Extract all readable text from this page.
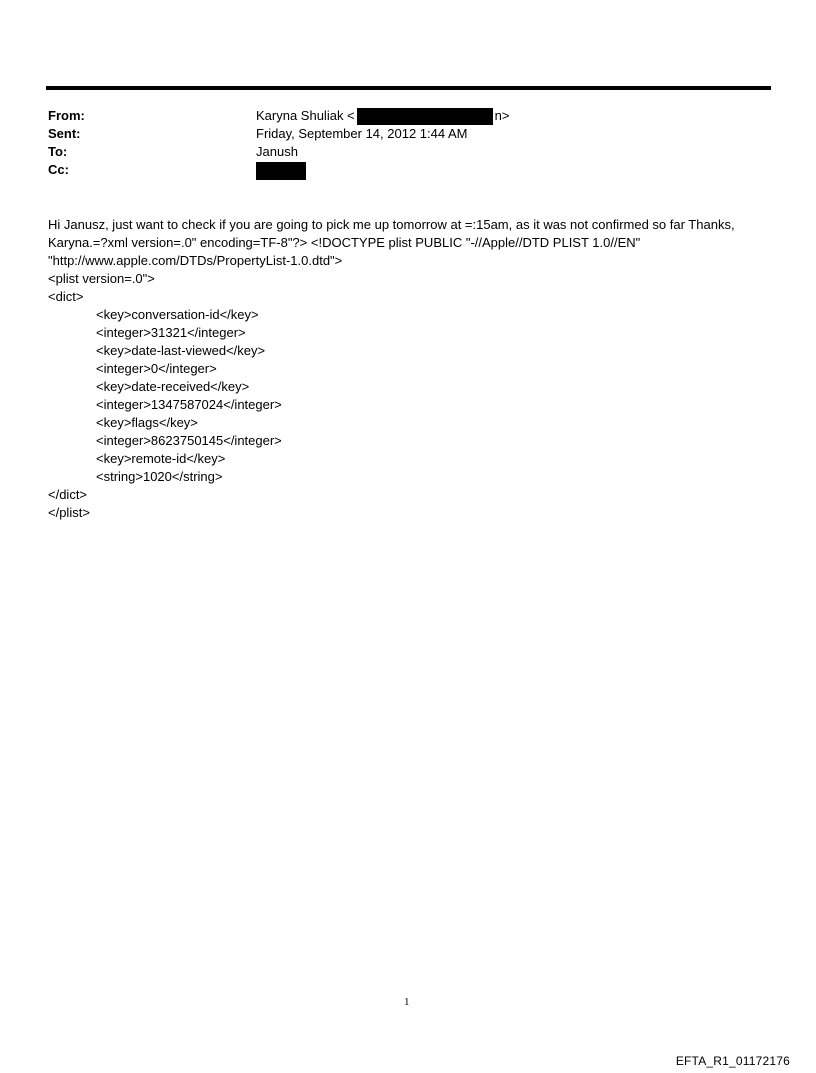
From:	Karyna Shuliak <	n>
Sent:	Friday, September 14, 2012 1:44 AM
To:	Janush
Cc:

Hi Janusz, just want to check if you are going to pick me up tomorrow at =:15am, as it was not confirmed so far Thanks,

Karyna.=?xml version=.0" encoding=TF-8"?> <!DOCTYPE plist PUBLIC "-//Apple//DTD PLIST 1.0//EN"

"http://www.apple.com/DTDs/PropertyList-1.0.dtd">

<plist version=.0">
<dict>
<key>conversation-id</key>
<integer>31321</integer>
<key>date-last-viewed</key>
<integer>0</integer>
<key>date-received</key>
<integer>1347587024</integer>
<key>flags</key>
<integer>8623750145</integer>
<key>remote-id</key>
<string>1020</string>
</dict>
</plist>
1
EFTA_R1_01172176
